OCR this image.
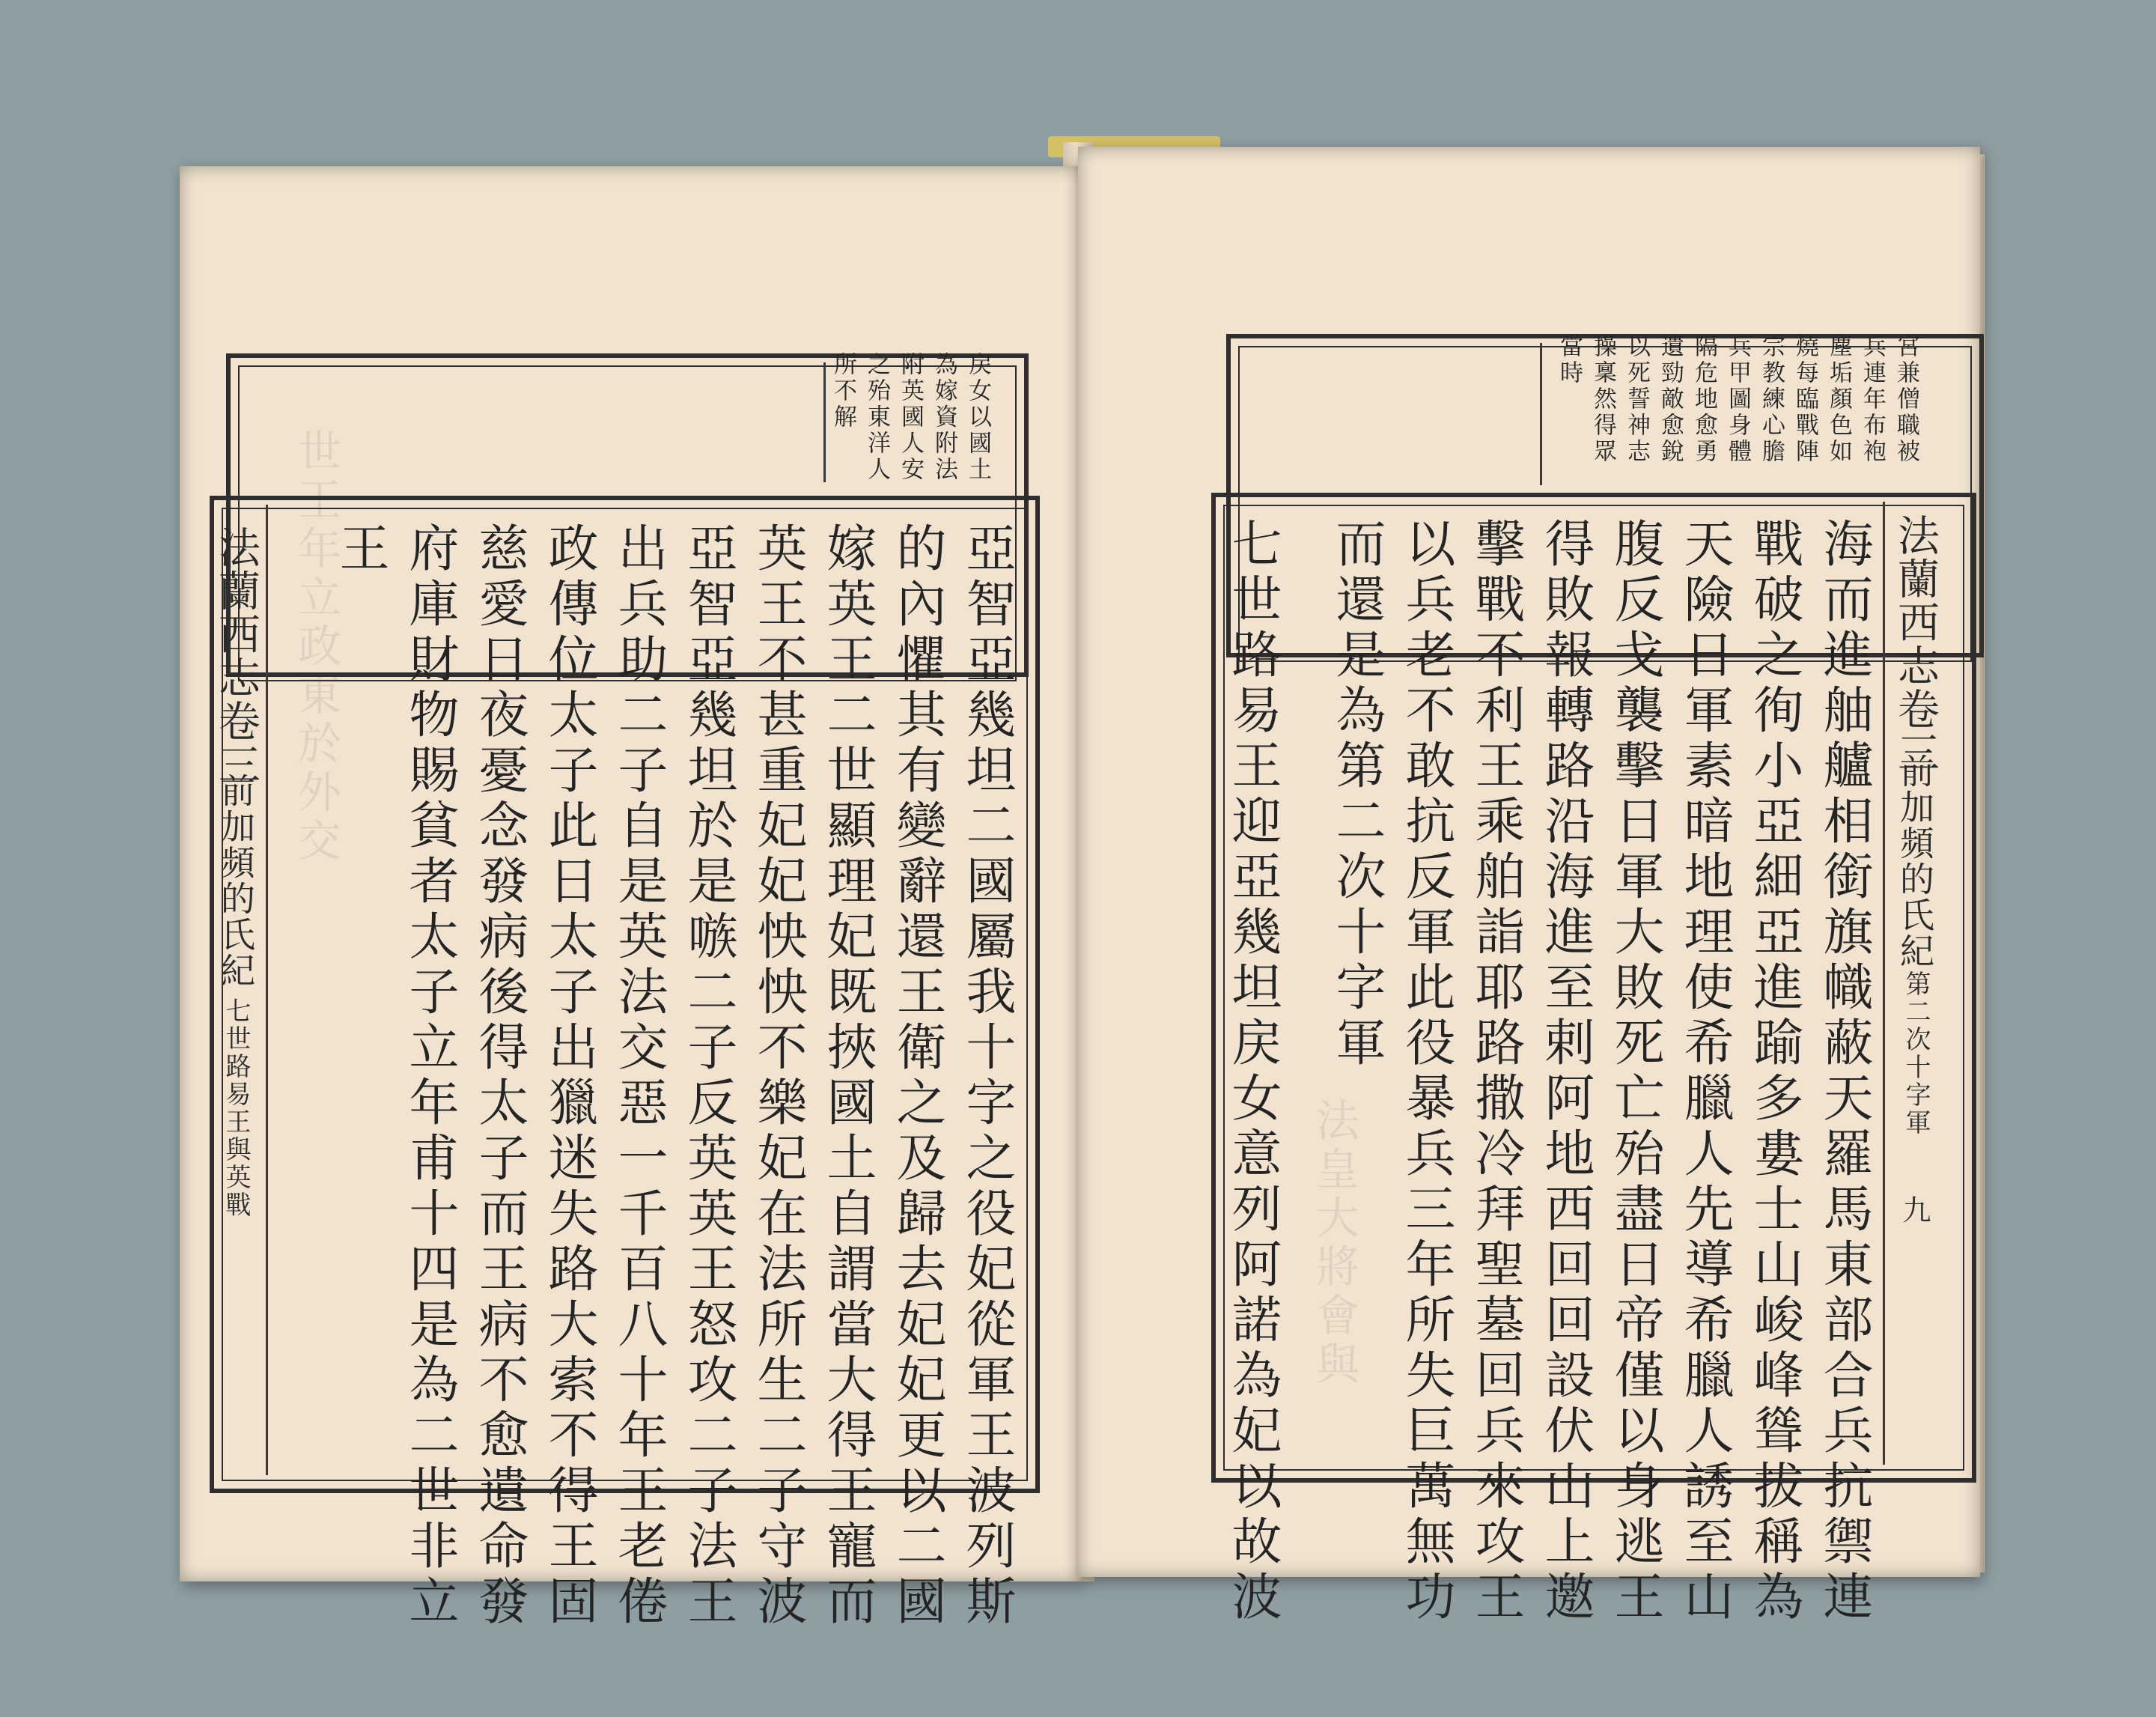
世王年立政東於外交
戻女以國土
為嫁資附法
附英國人安
之殆東洋人
所不解
法蘭西志卷三
前加頻的氏紀
七世路易王與英戰	亞智亞幾坦二國屬我十字之役妃從軍王波列斯
的內懼其有變辭還王衛之及歸去妃妃更以二國
嫁英王二世顯理妃既挾國土自謂當大得王寵而
英王不甚重妃妃怏怏不樂妃在法所生二子守波
亞智亞幾坦於是嗾二子反英英王怒攻二子法王
出兵助二子自是英法交惡一千百八十年王老倦
政傳位太子此日太子出獵迷失路大索不得王固
慈愛日夜憂念發病後得太子而王病不愈遺命發
府庫財物賜貧者太子立年甫十四是為二世非立
王
法皇大將會與
宮兼僧職被
兵連年布袍
塵垢顏色如
燒每臨戰陣
宗教練心膽
兵甲圖身體
隔危地愈勇
遺勁敵愈銳
以死誓神志
操稟然得眾
當時
法蘭西志卷三
前加頻的氏紀
第二次十字軍
九
海而進舳艫相銜旗幟蔽天羅馬東部合兵抗禦連
戰破之徇小亞細亞進踰多婁士山峻峰聳拔稱為
天險日軍素暗地理使希臘人先導希臘人誘至山
腹反戈襲擊日軍大敗死亡殆盡日帝僅以身逃王
得敗報轉路沿海進至剌阿地西回回設伏山上邀
擊戰不利王乘舶詣耶路撒冷拜聖墓回兵來攻王
以兵老不敢抗反軍此役暴兵三年所失巨萬無功
而還是為第二次十字軍
七世路易王迎亞幾坦戻女意列阿諾為妃以故波
